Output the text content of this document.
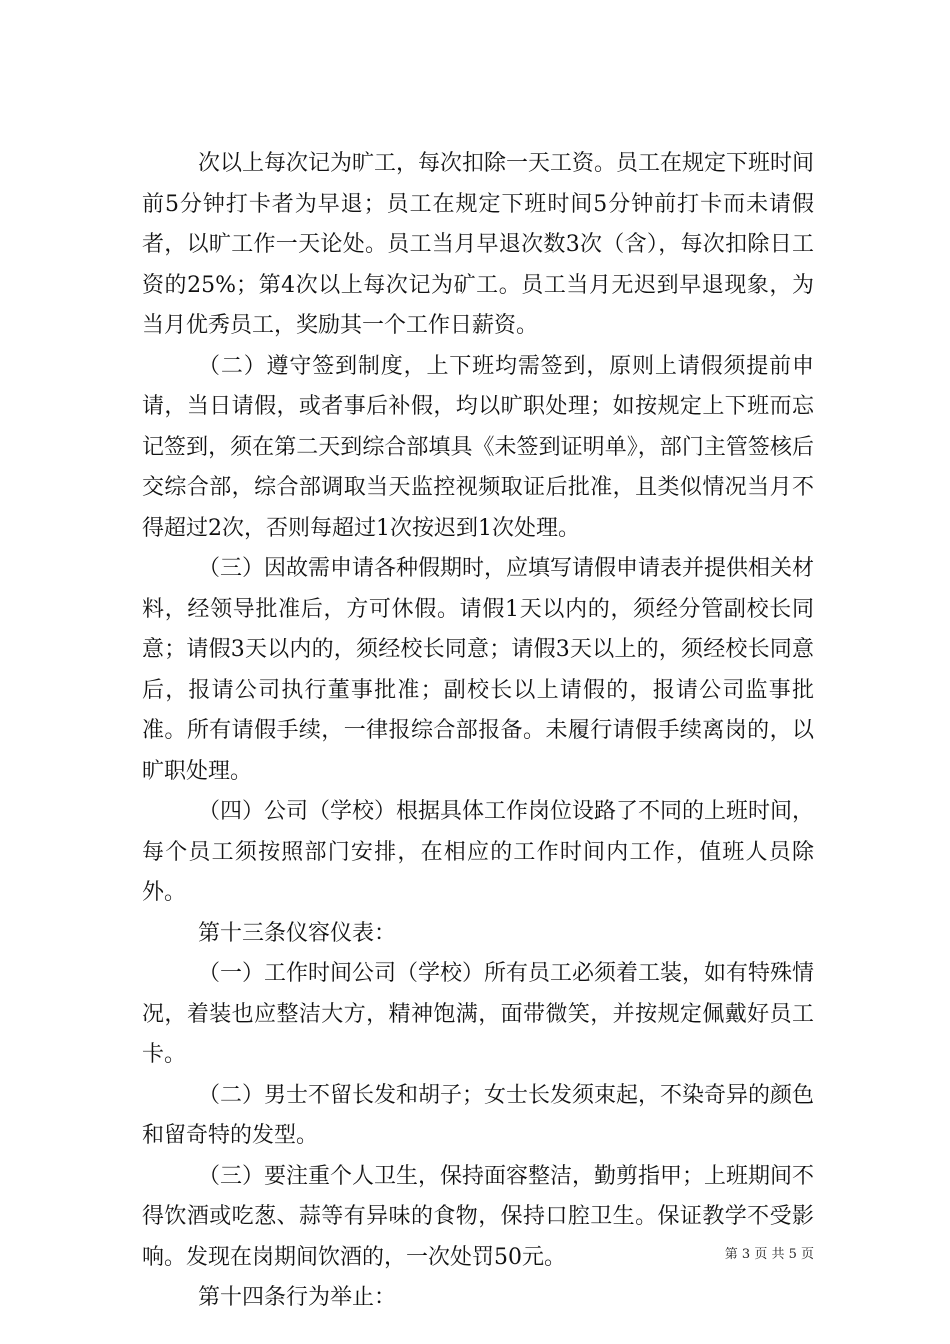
次以上每次记为旷工，每次扣除一天工资。员工在规定下班时间前5分钟打卡者为早退；员工在规定下班时间5分钟前打卡而未请假者，以旷工作一天论处。员工当月早退次数3次（含），每次扣除日工资的25%；第4次以上每次记为矿工。员工当月无迟到早退现象，为当月优秀员工，奖励其一个工作日薪资。

（二）遵守签到制度，上下班均需签到，原则上请假须提前申请，当日请假，或者事后补假，均以旷职处理；如按规定上下班而忘记签到，须在第二天到综合部填具《未签到证明单》，部门主管签核后交综合部，综合部调取当天监控视频取证后批准，且类似情况当月不得超过2次，否则每超过1次按迟到1次处理。

（三）因故需申请各种假期时，应填写请假申请表并提供相关材料，经领导批准后，方可休假。请假1天以内的，须经分管副校长同意；请假3天以内的，须经校长同意；请假3天以上的，须经校长同意后，报请公司执行董事批准；副校长以上请假的，报请公司监事批准。所有请假手续，一律报综合部报备。未履行请假手续离岗的，以旷职处理。

（四）公司（学校）根据具体工作岗位设路了不同的上班时间，每个员工须按照部门安排，在相应的工作时间内工作，值班人员除外。

第十三条仪容仪表：

（一）工作时间公司（学校）所有员工必须着工装，如有特殊情况，着装也应整洁大方，精神饱满，面带微笑，并按规定佩戴好员工卡。

（二）男士不留长发和胡子；女士长发须束起，不染奇异的颜色和留奇特的发型。

（三）要注重个人卫生，保持面容整洁，勤剪指甲；上班期间不得饮酒或吃葱、蒜等有异味的食物，保持口腔卫生。保证教学不受影响。发现在岗期间饮酒的，一次处罚50元。

第十四条行为举止：

第 3 页 共 5 页
